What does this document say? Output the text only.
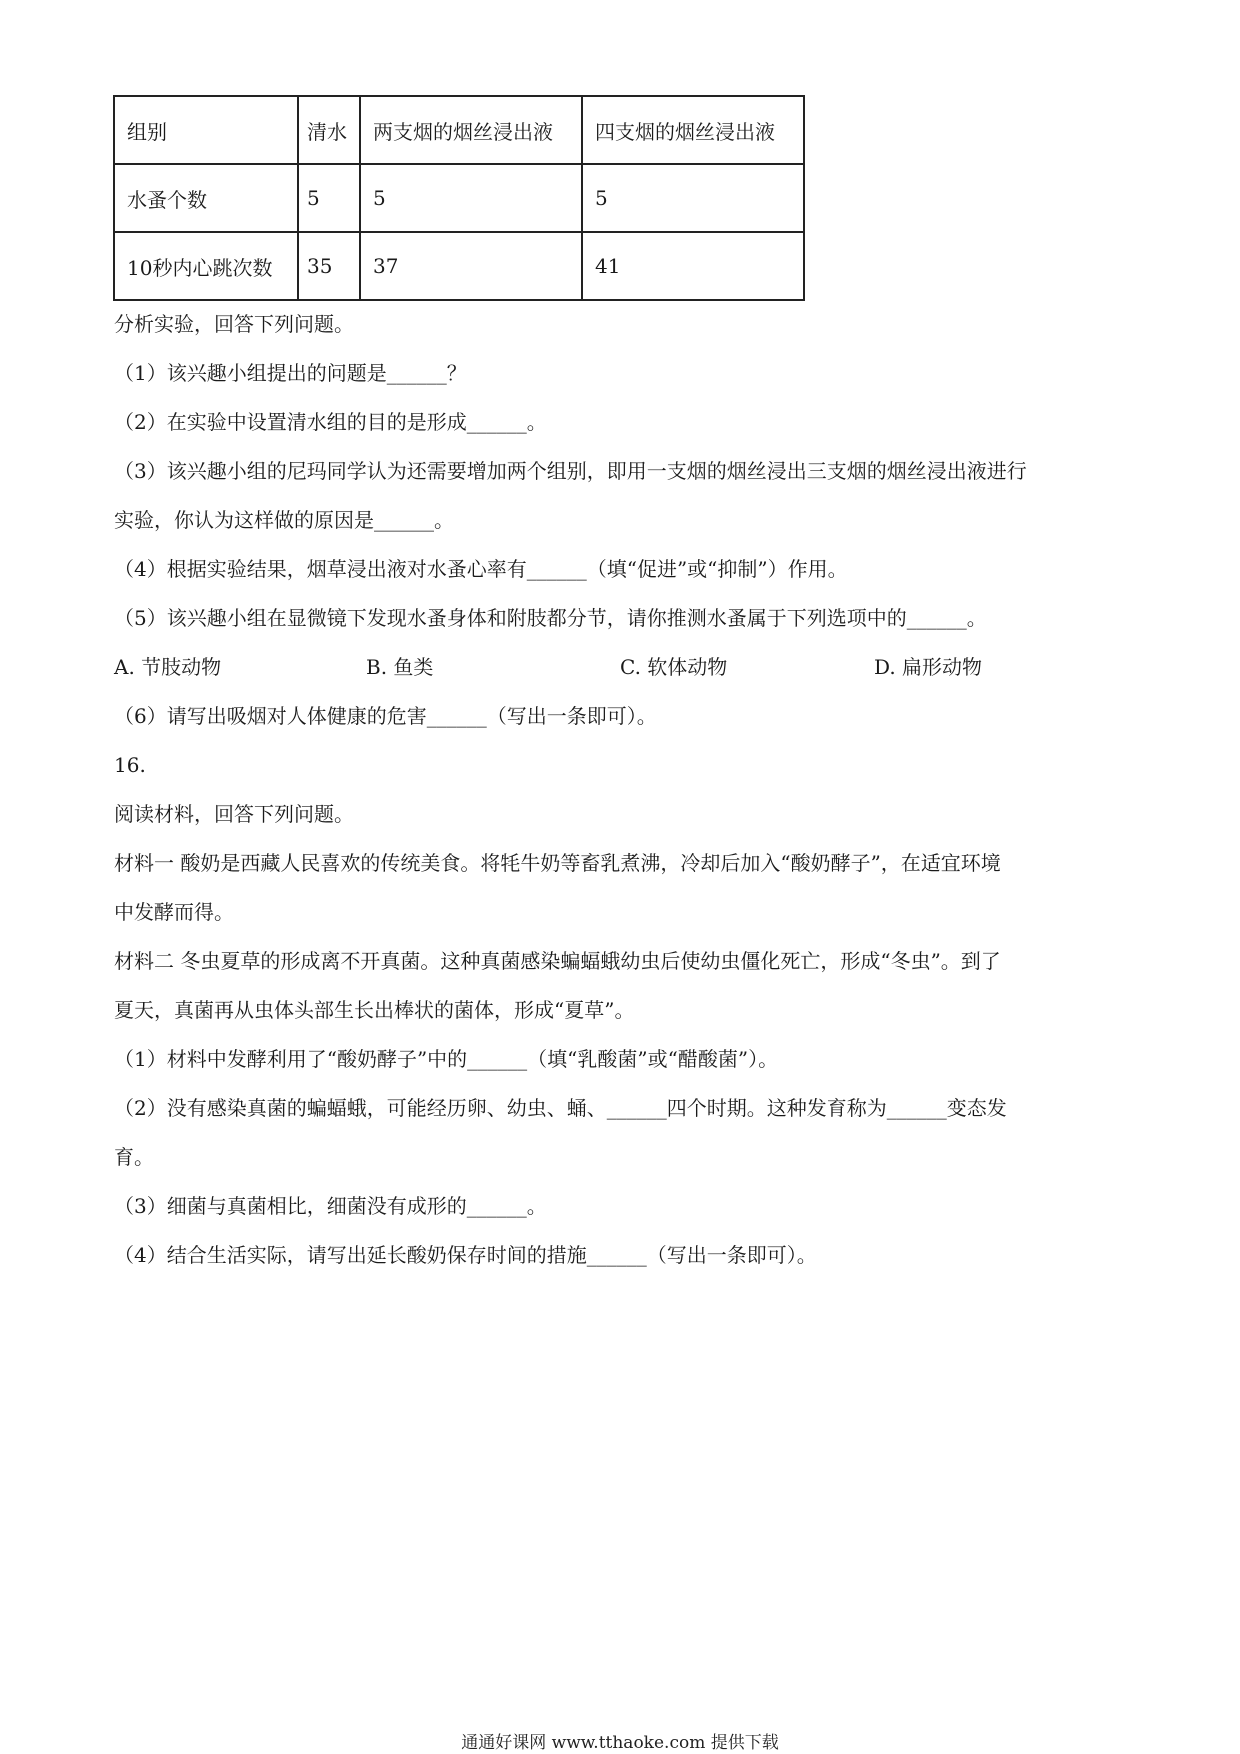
组别	清水	两支烟的烟丝浸出液	四支烟的烟丝浸出液
水蚤个数	5	5	5
10秒内心跳次数	35	37	41
分析实验，回答下列问题。
（1）该兴趣小组提出的问题是______？
（2）在实验中设置清水组的目的是形成______。
（3）该兴趣小组的尼玛同学认为还需要增加两个组别，即用一支烟的烟丝浸出三支烟的烟丝浸出液进行
实验，你认为这样做的原因是______。
（4）根据实验结果，烟草浸出液对水蚤心率有______（填“促进”或“抑制”）作用。
（5）该兴趣小组在显微镜下发现水蚤身体和附肢都分节，请你推测水蚤属于下列选项中的______。
A. 节肢动物	B. 鱼类	C. 软体动物	D. 扁形动物
（6）请写出吸烟对人体健康的危害______（写出一条即可）。
16.
阅读材料，回答下列问题。
材料一 酸奶是西藏人民喜欢的传统美食。将牦牛奶等畜乳煮沸，冷却后加入“酸奶酵子”，在适宜环境
中发酵而得。
材料二 冬虫夏草的形成离不开真菌。这种真菌感染蝙蝠蛾幼虫后使幼虫僵化死亡，形成“冬虫”。到了
夏天，真菌再从虫体头部生长出棒状的菌体，形成“夏草”。
（1）材料中发酵利用了“酸奶酵子”中的______（填“乳酸菌”或“醋酸菌”）。
（2）没有感染真菌的蝙蝠蛾，可能经历卵、幼虫、蛹、______四个时期。这种发育称为______变态发
育。
（3）细菌与真菌相比，细菌没有成形的______。
（4）结合生活实际，请写出延长酸奶保存时间的措施______（写出一条即可）。
通通好课网 www.tthaoke.com 提供下载
